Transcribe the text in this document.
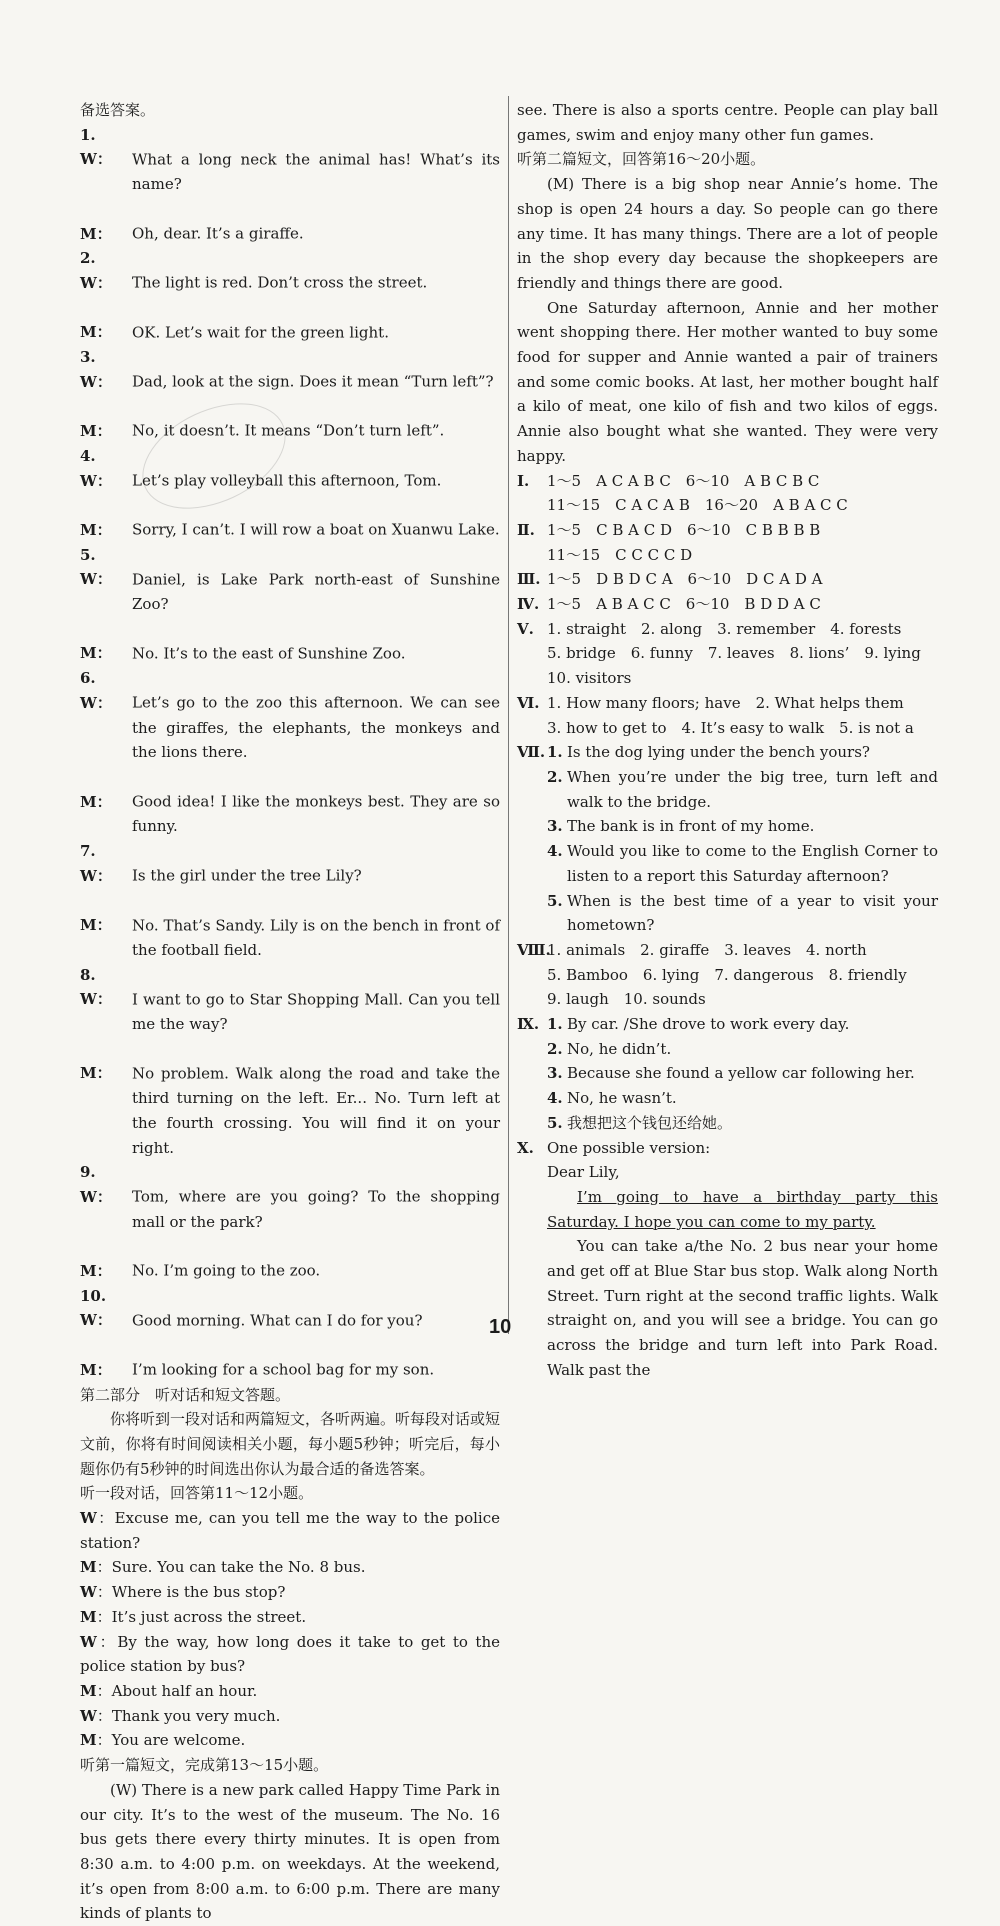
备选答案。

1.W： What a long neck the animal has! What’s its name?

M： Oh, dear. It’s a giraffe.

2.W： The light is red. Don’t cross the street.

M： OK. Let’s wait for the green light.

3.W： Dad, look at the sign. Does it mean “Turn left”?

M： No, it doesn’t. It means “Don’t turn left”.

4.W： Let’s play volleyball this afternoon, Tom.

M： Sorry, I can’t. I will row a boat on Xuanwu Lake.

5.W： Daniel, is Lake Park north-east of Sunshine Zoo?

M： No. It’s to the east of Sunshine Zoo.

6.W： Let’s go to the zoo this afternoon. We can see the giraffes, the elephants, the monkeys and the lions there.

M： Good idea! I like the monkeys best. They are so funny.

7.W： Is the girl under the tree Lily?

M： No. That’s Sandy. Lily is on the bench in front of the football field.

8.W： I want to go to Star Shopping Mall. Can you tell me the way?

M： No problem. Walk along the road and take the third turning on the left. Er... No. Turn left at the fourth crossing. You will find it on your right.

9.W： Tom, where are you going? To the shopping mall or the park?

M： No. I’m going to the zoo.

10.W： Good morning. What can I do for you?

M： I’m looking for a school bag for my son.

第二部分　听对话和短文答题。

你将听到一段对话和两篇短文，各听两遍。听每段对话或短文前，你将有时间阅读相关小题，每小题5秒钟；听完后，每小题你仍有5秒钟的时间选出你认为最合适的备选答案。

听一段对话，回答第11～12小题。

W：Excuse me, can you tell me the way to the police station?

M：Sure. You can take the No. 8 bus.

W：Where is the bus stop?

M：It’s just across the street.

W：By the way, how long does it take to get to the police station by bus?

M：About half an hour.

W：Thank you very much.

M：You are welcome.

听第一篇短文，完成第13～15小题。

(W) There is a new park called Happy Time Park in our city. It’s to the west of the museum. The No. 16 bus gets there every thirty minutes. It is open from 8:30 a.m. to 4:00 p.m. on weekdays. At the weekend, it’s open from 8:00 a.m. to 6:00 p.m. There are many kinds of plants to

see. There is also a sports centre. People can play ball games, swim and enjoy many other fun games.

听第二篇短文，回答第16～20小题。

(M) There is a big shop near Annie’s home. The shop is open 24 hours a day. So people can go there any time. It has many things. There are a lot of people in the shop every day because the shopkeepers are friendly and things there are good.

One Saturday afternoon, Annie and her mother went shopping there. Her mother wanted to buy some food for supper and Annie wanted a pair of trainers and some comic books. At last, her mother bought half a kilo of meat, one kilo of fish and two kilos of eggs. Annie also bought what she wanted. They were very happy.

Ⅰ.	1～5　A C A B C　6～10　A B C B C

11～15　C A C A B　16～20　A B A C C

Ⅱ. 1～5　C B A C D　6～10　C B B B B

11～15　C C C C D

Ⅲ. 1～5　D B D C A　6～10　D C A D A

Ⅳ. 1～5　A B A C C　6～10　B D D A C

Ⅴ. 1. straight　2. along　3. remember　4. forests

5. bridge　6. funny　7. leaves　8. lions’　9. lying

10. visitors

Ⅵ. 1. How many floors; have　2. What helps them

3. how to get to　4. It’s easy to walk　5. is not a

Ⅶ. 1. Is the dog lying under the bench yours?

2. When you’re under the big tree, turn left and walk to the bridge.

3. The bank is in front of my home.

4. Would you like to come to the English Corner to listen to a report this Saturday afternoon?

5. When is the best time of a year to visit your hometown?

Ⅷ.
1. animals　2. giraffe　3. leaves　4. north

5. Bamboo　6. lying　7. dangerous　8. friendly

9. laugh　10. sounds

Ⅸ. 1. By car. /She drove to work every day.

2. No, he didn’t.

3. Because she found a yellow car following her.

4. No, he wasn’t.

5. 我想把这个钱包还给她。

Ⅹ. One possible version:

Dear Lily,

I’m going to have a birthday party this Saturday. I hope you can come to my party.

You can take a/the No. 2 bus near your home and get off at Blue Star bus stop. Walk along North Street. Turn right at the second traffic lights. Walk straight on, and you will see a bridge. You can go across the bridge and turn left into Park Road. Walk past the

10
